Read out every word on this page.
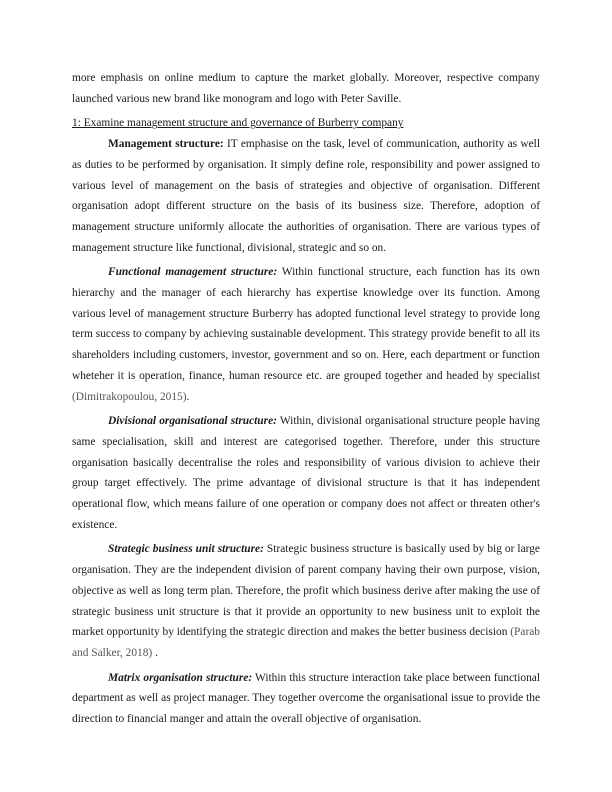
more emphasis on online medium to capture the market globally. Moreover, respective company launched various new brand like monogram and logo with Peter Saville.

1: Examine management structure and governance of Burberry company

Management structure: IT emphasise on the task, level of communication, authority as well as duties to be performed by organisation. It simply define role, responsibility and power assigned to various level of management on the basis of strategies and objective of organisation. Different organisation adopt different structure on the basis of its business size. Therefore, adoption of management structure uniformly allocate the authorities of organisation. There are various types of management structure like functional, divisional, strategic and so on.

Functional management structure: Within functional structure, each function has its own hierarchy and the manager of each hierarchy has expertise knowledge over its function. Among various level of management structure Burberry has adopted functional level strategy to provide long term success to company by achieving sustainable development. This strategy provide benefit to all its shareholders including customers, investor, government and so on. Here, each department or function wheteher it is operation, finance, human resource etc. are grouped together and headed by specialist (Dimitrakopoulou, 2015).

Divisional organisational structure: Within, divisional organisational structure people having same specialisation, skill and interest are categorised together. Therefore, under this structure organisation basically decentralise the roles and responsibility of various division to achieve their group target effectively. The prime advantage of divisional structure is that it has independent operational flow, which means failure of one operation or company does not affect or threaten other's existence.

Strategic business unit structure: Strategic business structure is basically used by big or large organisation. They are the independent division of parent company having their own purpose, vision, objective as well as long term plan. Therefore, the profit which business derive after making the use of strategic business unit structure is that it provide an opportunity to new business unit to exploit the market opportunity by identifying the strategic direction and makes the better business decision (Parab and Salker, 2018) .

Matrix organisation structure: Within this structure interaction take place between functional department as well as project manager. They together overcome the organisational issue to provide the direction to financial manger and attain the overall objective of organisation.
